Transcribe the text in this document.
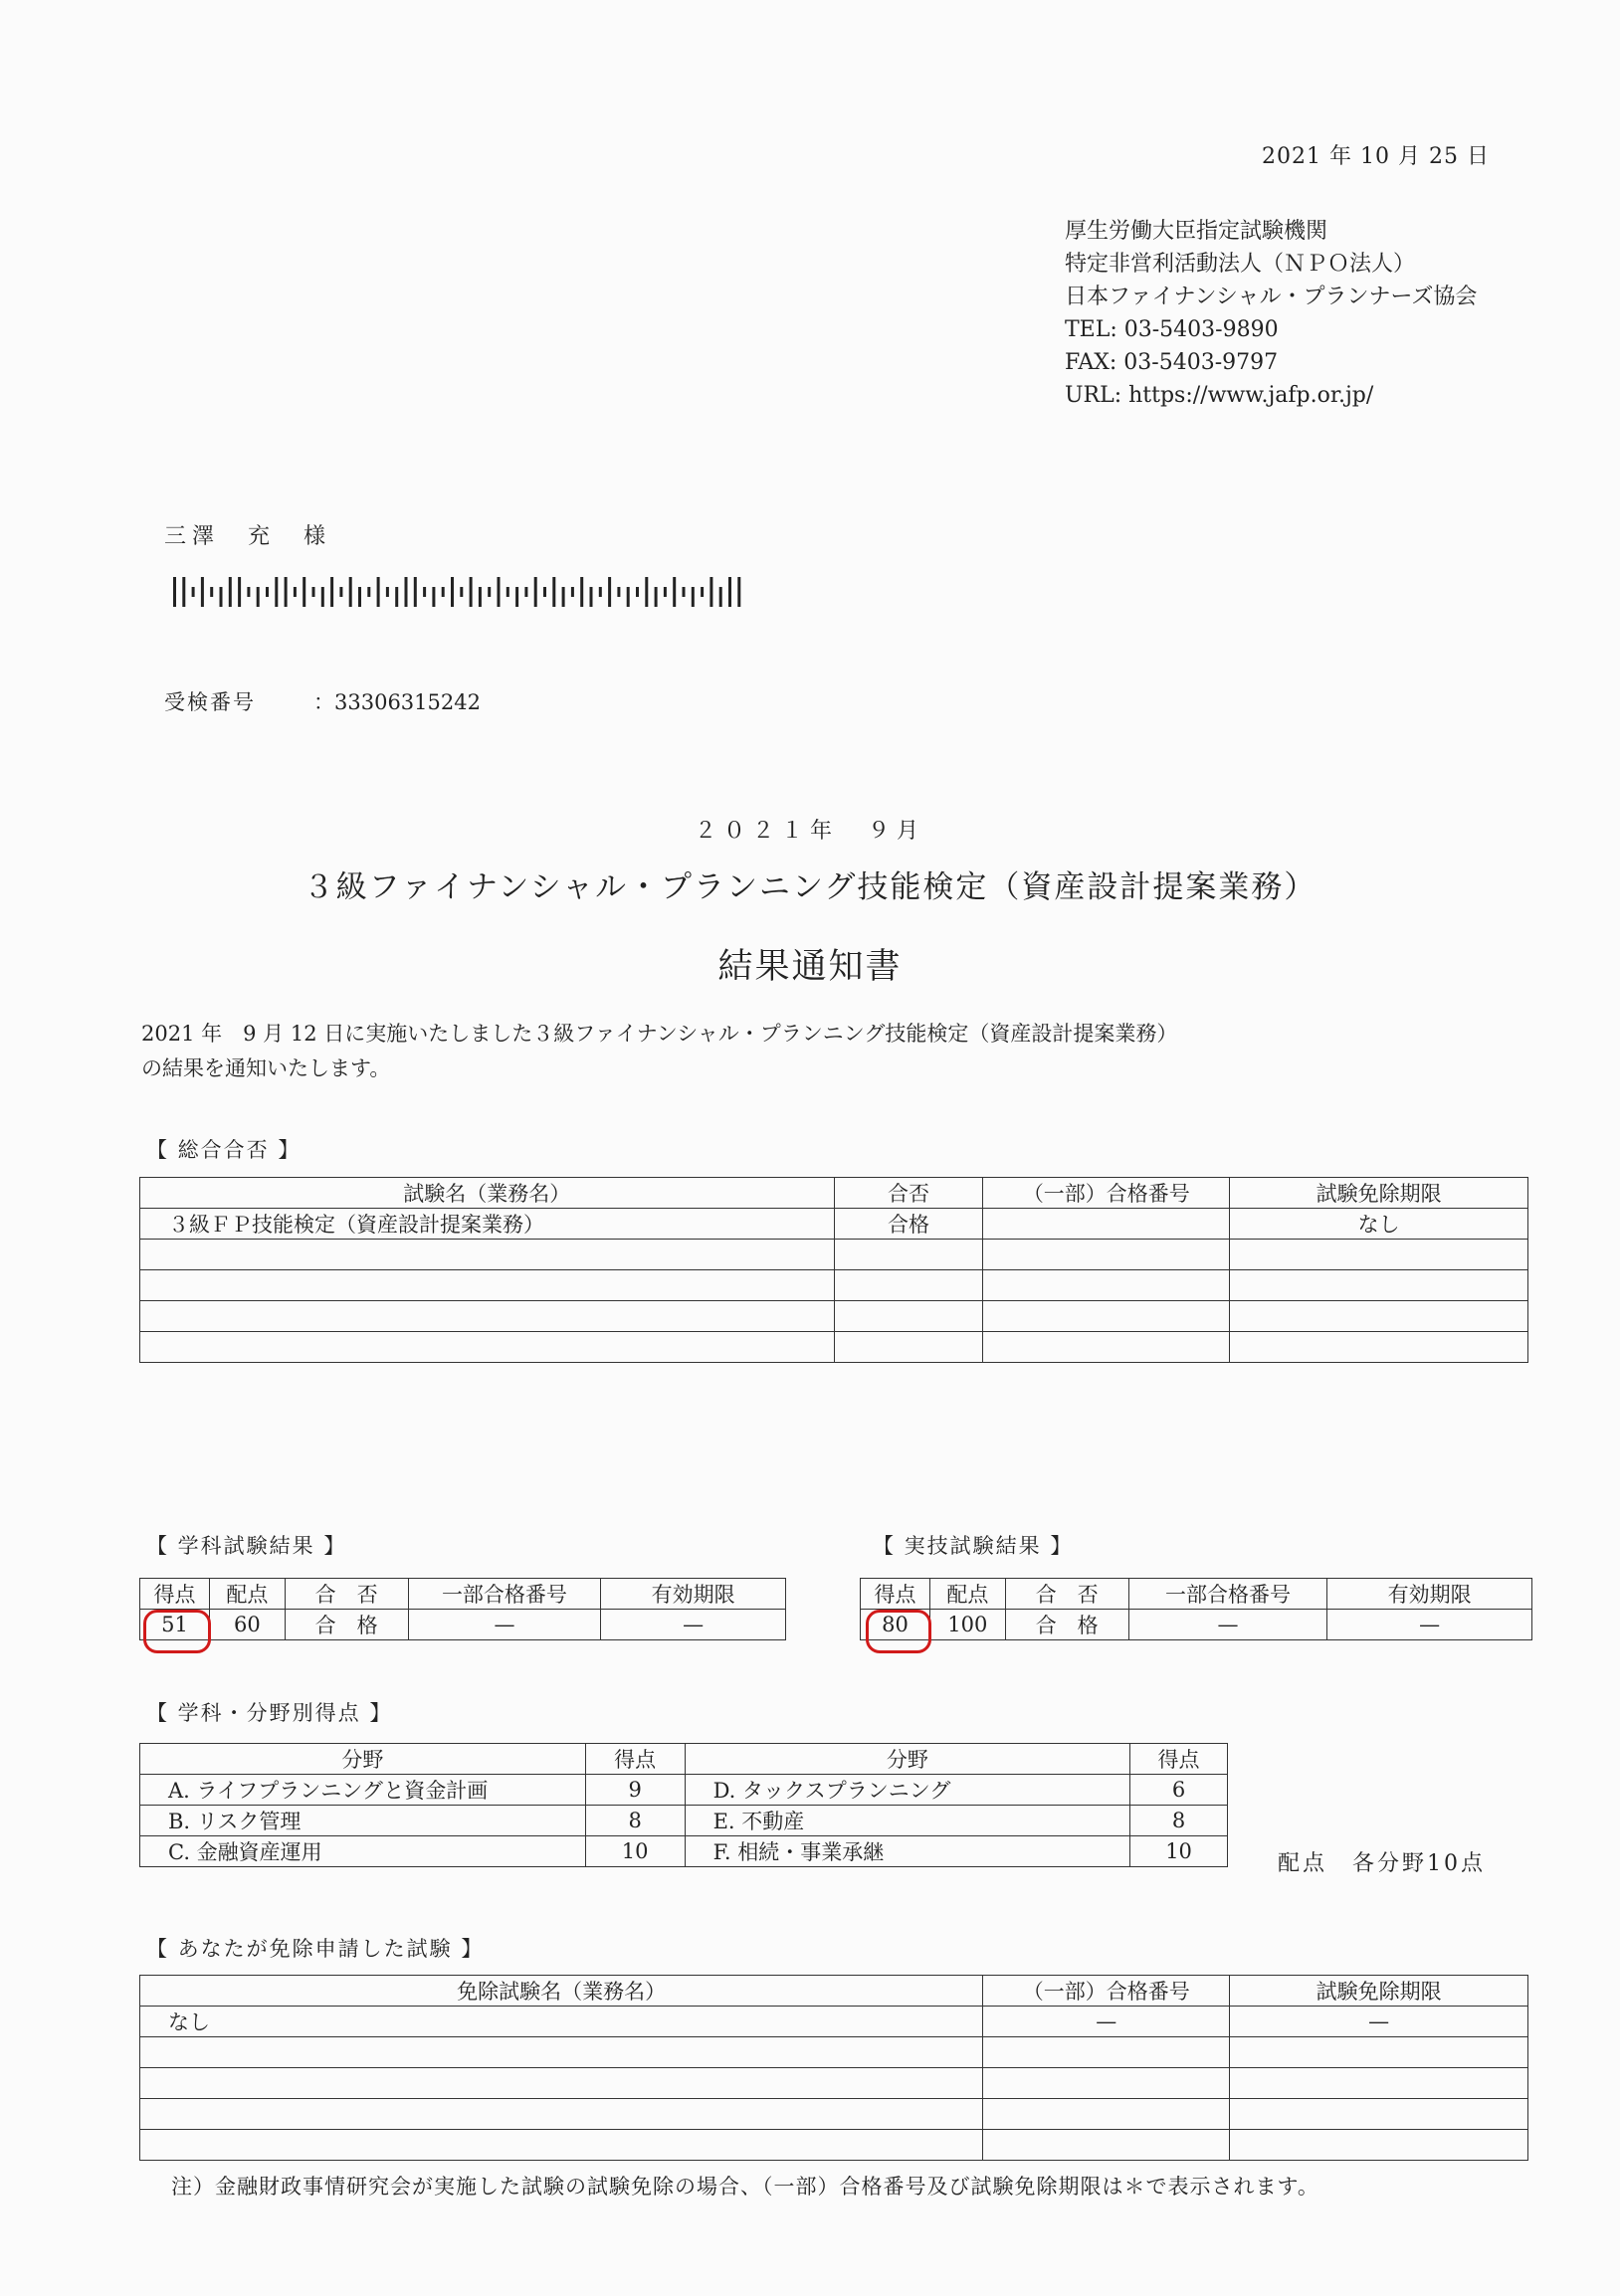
2021 年 10 月 25 日
厚生労働大臣指定試験機関
特定非営利活動法人（ＮＰＯ法人）
日本ファイナンシャル・プランナーズ協会
TEL: 03-5403-9890
FAX: 03-5403-9797
URL: https://www.jafp.or.jp/
三澤　充　様
受検番号	：33306315242
２０２１年　９月
３級ファイナンシャル・プランニング技能検定（資産設計提案業務）
結果通知書
2021 年　9 月 12 日に実施いたしました３級ファイナンシャル・プランニング技能検定（資産設計提案業務）
の結果を通知いたします。
【 総合合否 】
試験名（業務名）	合否	（一部）合格番号	試験免除期限
３級ＦＰ技能検定（資産設計提案業務）	合格		なし

【 学科試験結果 】
得点	配点	合　否	一部合格番号	有効期限
51	60	合　格	—	—
【 実技試験結果 】
得点	配点	合　否	一部合格番号	有効期限
80	100	合　格	—	—
【 学科・分野別得点 】
分野	得点	分野	得点
A. ライフプランニングと資金計画	9	D. タックスプランニング	6
B. リスク管理	8	E. 不動産	8
C. 金融資産運用	10	F. 相続・事業承継	10	配点　各分野10点
【 あなたが免除申請した試験 】
免除試験名（業務名）	（一部）合格番号	試験免除期限
なし	—	—

注）金融財政事情研究会が実施した試験の試験免除の場合、（一部）合格番号及び試験免除期限は＊で表示されます。
